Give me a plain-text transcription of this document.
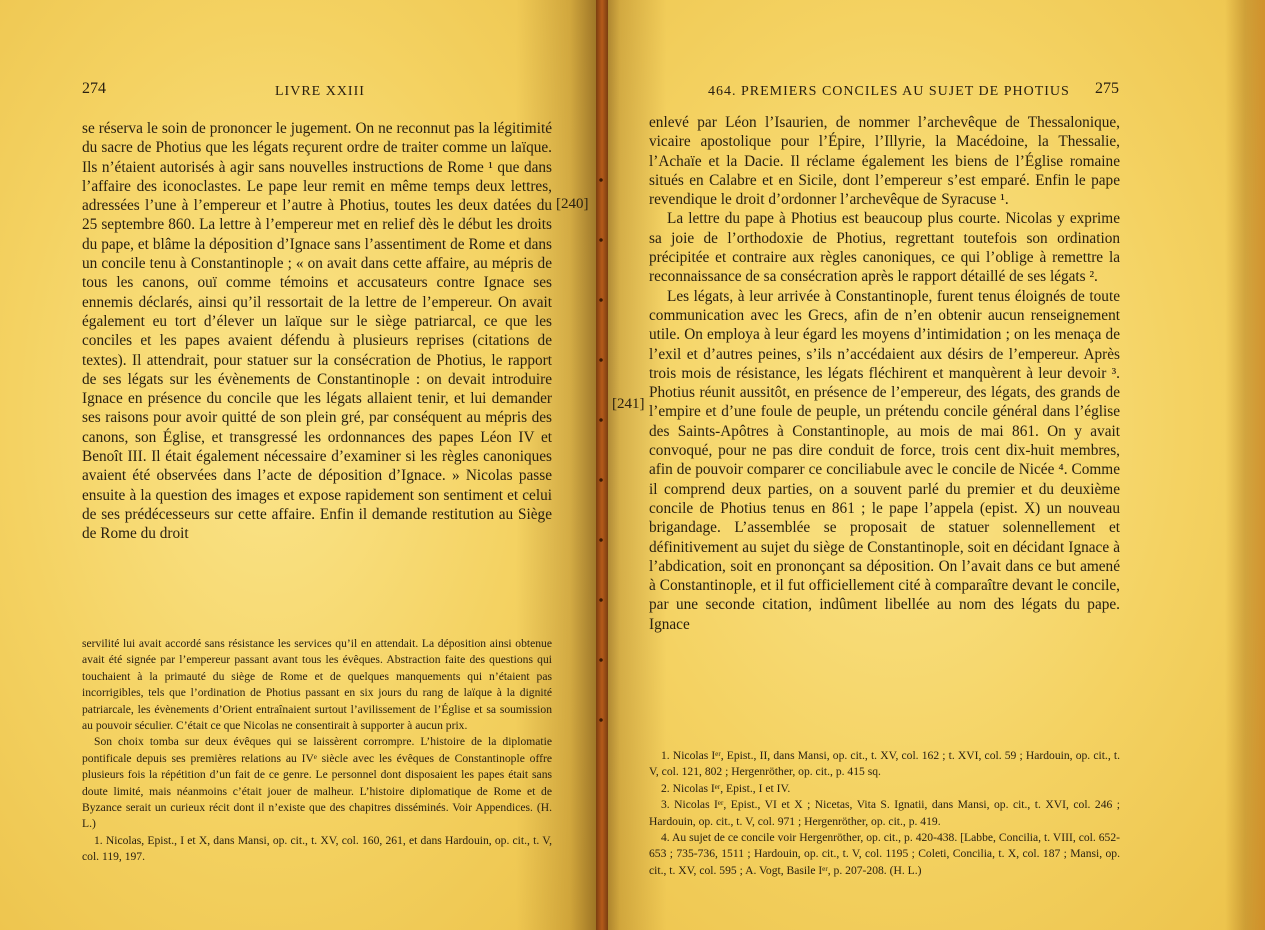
274	LIVRE XXIII

se réserva le soin de prononcer le jugement. On ne reconnut pas la légitimité du sacre de Photius que les légats reçurent ordre de traiter comme un laïque. Ils n’étaient autorisés à agir sans nouvelles instructions de Rome ¹ que dans l’affaire des iconoclastes. Le pape leur remit en même temps deux lettres, adressées l’une à l’empereur et l’autre à Photius, toutes les deux datées du 25 septembre 860. La lettre à l’empereur met en relief dès le début les droits du pape, et blâme la déposition d’Ignace sans l’assentiment de Rome et dans un concile tenu à Constantinople ; « on avait dans cette affaire, au mépris de tous les canons, ouï comme témoins et accusateurs contre Ignace ses ennemis déclarés, ainsi qu’il ressortait de la lettre de l’empereur. On avait également eu tort d’élever un laïque sur le siège patriarcal, ce que les conciles et les papes avaient défendu à plusieurs reprises (citations de textes). Il attendrait, pour statuer sur la consécration de Photius, le rapport de ses légats sur les évènements de Constantinople : on devait introduire Ignace en présence du concile que les légats allaient tenir, et lui demander ses raisons pour avoir quitté de son plein gré, par conséquent au mépris des canons, son Église, et transgressé les ordonnances des papes Léon IV et Benoît III. Il était également nécessaire d’examiner si les règles canoniques avaient été observées dans l’acte de déposition d’Ignace. » Nicolas passe ensuite à la question des images et expose rapidement son sentiment et celui de ses prédécesseurs sur cette affaire. Enfin il demande restitution au Siège de Rome du droit

[240]

servilité lui avait accordé sans résistance les services qu’il en attendait. La déposition ainsi obtenue avait été signée par l’empereur passant avant tous les évêques. Abstraction faite des questions qui touchaient à la primauté du siège de Rome et de quelques manquements qui n’étaient pas incorrigibles, tels que l’ordination de Photius passant en six jours du rang de laïque à la dignité patriarcale, les évènements d’Orient entraînaient surtout l’avilissement de l’Église et sa soumission au pouvoir séculier. C’était ce que Nicolas ne consentirait à supporter à aucun prix.

Son choix tomba sur deux évêques qui se laissèrent corrompre. L’histoire de la diplomatie pontificale depuis ses premières relations au IVᵉ siècle avec les évêques de Constantinople offre plusieurs fois la répétition d’un fait de ce genre. Le personnel dont disposaient les papes était sans doute limité, mais néanmoins c’était jouer de malheur. L’histoire diplomatique de Rome et de Byzance serait un curieux récit dont il n’existe que des chapitres disséminés. Voir Appendices. (H. L.)

1. Nicolas, Epist., I et X, dans Mansi, op. cit., t. XV, col. 160, 261, et dans Hardouin, op. cit., t. V, col. 119, 197.

464. PREMIERS CONCILES AU SUJET DE PHOTIUS 275
[241]

enlevé par Léon l’Isaurien, de nommer l’archevêque de Thessalonique, vicaire apostolique pour l’Épire, l’Illyrie, la Macédoine, la Thessalie, l’Achaïe et la Dacie. Il réclame également les biens de l’Église romaine situés en Calabre et en Sicile, dont l’empereur s’est emparé. Enfin le pape revendique le droit d’ordonner l’archevêque de Syracuse ¹.

La lettre du pape à Photius est beaucoup plus courte. Nicolas y exprime sa joie de l’orthodoxie de Photius, regrettant toutefois son ordination précipitée et contraire aux règles canoniques, ce qui l’oblige à remettre la reconnaissance de sa consécration après le rapport détaillé de ses légats ².

Les légats, à leur arrivée à Constantinople, furent tenus éloignés de toute communication avec les Grecs, afin de n’en obtenir aucun renseignement utile. On employa à leur égard les moyens d’intimidation ; on les menaça de l’exil et d’autres peines, s’ils n’accédaient aux désirs de l’empereur. Après trois mois de résistance, les légats fléchirent et manquèrent à leur devoir ³. Photius réunit aussitôt, en présence de l’empereur, des légats, des grands de l’empire et d’une foule de peuple, un prétendu concile général dans l’église des Saints-Apôtres à Constantinople, au mois de mai 861. On y avait convoqué, pour ne pas dire conduit de force, trois cent dix-huit membres, afin de pouvoir comparer ce conciliabule avec le concile de Nicée ⁴. Comme il comprend deux parties, on a souvent parlé du premier et du deuxième concile de Photius tenus en 861 ; le pape l’appela (epist. X) un nouveau brigandage. L’assemblée se proposait de statuer solennellement et définitivement au sujet du siège de Constantinople, soit en décidant Ignace à l’abdication, soit en prononçant sa déposition. On l’avait dans ce but amené à Constantinople, et il fut officiellement cité à comparaître devant le concile, par une seconde citation, indûment libellée au nom des légats du pape. Ignace

1. Nicolas Iᵉʳ, Epist., II, dans Mansi, op. cit., t. XV, col. 162 ; t. XVI, col. 59 ; Hardouin, op. cit., t. V, col. 121, 802 ; Hergenröther, op. cit., p. 415 sq.

2. Nicolas Iᵉʳ, Epist., I et IV.

3. Nicolas Iᵉʳ, Epist., VI et X ; Nicetas, Vita S. Ignatii, dans Mansi, op. cit., t. XVI, col. 246 ; Hardouin, op. cit., t. V, col. 971 ; Hergenröther, op. cit., p. 419.

4. Au sujet de ce concile voir Hergenröther, op. cit., p. 420-438. [Labbe, Concilia, t. VIII, col. 652-653 ; 735-736, 1511 ; Hardouin, op. cit., t. V, col. 1195 ; Coleti, Concilia, t. X, col. 187 ; Mansi, op. cit., t. XV, col. 595 ; A. Vogt, Basile Iᵉʳ, p. 207-208. (H. L.)
